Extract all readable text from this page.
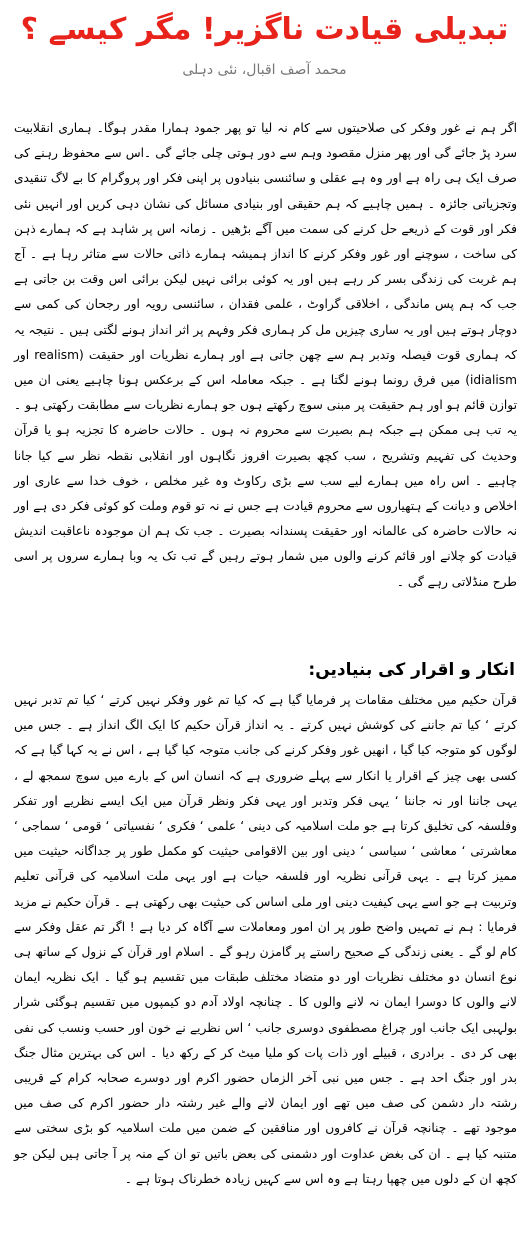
تبدیلی قیادت ناگزیر! مگر کیسے ؟
محمد آصف اقبال، نئی دہلی

اگر ہم نے غور وفکر کی صلاحیتوں سے کام نہ لیا تو پھر جمود ہمارا مقدر ہوگا۔ ہماری انقلابیت سرد پڑ جائے گی اور پھر منزل مقصود وہم سے دور ہوتی چلی جائے گی ۔اس سے محفوظ رہنے کی صرف ایک ہی راہ ہے اور وہ ہے عقلی و سائنسی بنیادوں پر اپنی فکر اور پروگرام کا بے لاگ تنقیدی وتجزیاتی جائزہ ۔ ہمیں چاہیے کہ ہم حقیقی اور بنیادی مسائل کی نشان دہی کریں اور انہیں نئی فکر اور قوت کے ذریعے حل کرنے کی سمت میں آگے بڑھیں ۔ زمانہ اس پر شاہد ہے کہ ہمارے ذہن کی ساخت ، سوچنے اور غور وفکر کرنے کا انداز ہمیشہ ہمارے ذاتی حالات سے متاثر رہا ہے ۔ آج ہم غربت کی زندگی بسر کر رہے ہیں اور یہ کوئی برائی نہیں لیکن برائی اس وقت بن جاتی ہے جب کہ ہم پس ماندگی ، اخلاقی گراوٹ ، علمی فقدان ، سائنسی رویہ اور رجحان کی کمی سے دوچار ہوتے ہیں اور یہ ساری چیزیں مل کر ہماری فکر وفہم پر اثر انداز ہونے لگتی ہیں ۔ نتیجہ یہ کہ ہماری قوت فیصلہ وتدبر ہم سے چھن جاتی ہے اور ہمارے نظریات اور حقیقت (realism اور idialism) میں فرق رونما ہونے لگتا ہے ۔ جبکہ معاملہ اس کے برعکس ہونا چاہیے یعنی ان میں توازن قائم ہو اور ہم حقیقت پر مبنی سوچ رکھتے ہوں جو ہمارے نظریات سے مطابقت رکھتی ہو ۔ یہ تب ہی ممکن ہے جبکہ ہم بصیرت سے محروم نہ ہوں ۔ حالات حاضرہ کا تجزیہ ہو یا قرآن وحدیث کی تفہیم وتشریح ، سب کچھ بصیرت افروز نگاہوں اور انقلابی نقطہ نظر سے کیا جانا چاہیے ۔ اس راہ میں ہمارے لیے سب سے بڑی رکاوٹ وہ غیر مخلص ، خوف خدا سے عاری اور اخلاص و دیانت کے ہتھیاروں سے محروم قیادت ہے جس نے نہ تو قوم وملت کو کوئی فکر دی ہے اور نہ حالات حاضرہ کی عالمانہ اور حقیقت پسندانہ بصیرت ۔ جب تک ہم ان موجودہ ناعاقبت اندیش قیادت کو چلانے اور قائم کرنے والوں میں شمار ہوتے رہیں گے تب تک یہ وبا ہمارے سروں پر اسی طرح منڈلاتی رہے گی ۔

انکار و اقرار کی بنیادیں:

قرآن حکیم میں مختلف مقامات پر فرمایا گیا ہے کہ کیا تم غور وفکر نہیں کرتے ‘ کیا تم تدبر نہیں کرتے ‘ کیا تم جاننے کی کوشش نہیں کرتے ۔ یہ انداز قرآن حکیم کا ایک الگ انداز ہے ۔ جس میں لوگوں کو متوجہ کیا گیا ، انھیں غور وفکر کرنے کی جانب متوجہ کیا گیا ہے ، اس نے یہ کہا گیا ہے کہ کسی بھی چیز کے اقرار یا انکار سے پہلے ضروری ہے کہ انسان اس کے بارے میں سوچ سمجھ لے ، یہی جاننا اور نہ جاننا ‘ یہی فکر وتدبر اور یہی فکر ونظر قرآن میں ایک ایسے نظریے اور تفکر وفلسفہ کی تخلیق کرتا ہے جو ملت اسلامیہ کی دینی ‘ علمی ‘ فکری ‘ نفسیاتی ‘ قومی ‘ سماجی ‘ معاشرتی ‘ معاشی ‘ سیاسی ‘ دینی اور بین الاقوامی حیثیت کو مکمل طور پر جداگانہ حیثیت میں ممیز کرتا ہے ۔ یہی قرآنی نظریہ اور فلسفہ حیات ہے اور یہی ملت اسلامیہ کی قرآنی تعلیم وتربیت ہے جو اسے یہی کیفیت دینی اور ملی اساس کی حیثیت بھی رکھتی ہے ۔ قرآن حکیم نے مزید فرمایا : ہم نے تمہیں واضح طور پر ان امور ومعاملات سے آگاہ کر دیا ہے ! اگر تم عقل وفکر سے کام لو گے ۔ یعنی زندگی کے صحیح راستے پر گامزن رہو گے ۔ اسلام اور قرآن کے نزول کے ساتھ ہی نوع انسان دو مختلف نظریات اور دو متضاد مختلف طبقات میں تقسیم ہو گیا ۔ ایک نظریہ ایمان لانے والوں کا دوسرا ایمان نہ لانے والوں کا ۔ چنانچہ اولاد آدم دو کیمپوں میں تقسیم ہوگئی شرار بولہبی ایک جانب اور چراغ مصطفوی دوسری جانب ‘ اس نظریے نے خون اور حسب ونسب کی نفی بھی کر دی ۔ برادری ، قبیلے اور ذات پات کو ملیا میٹ کر کے رکھ دیا ۔ اس کی بہترین مثال جنگ بدر اور جنگ احد ہے ۔ جس میں نبی آخر الزماں حضور اکرم اور دوسرے صحابہ کرام کے قریبی رشتہ دار دشمن کی صف میں تھے اور ایمان لانے والے غیر رشتہ دار حضور اکرم کی صف میں موجود تھے ۔ چنانچہ قرآن نے کافروں اور منافقین کے ضمن میں ملت اسلامیہ کو بڑی سختی سے متنبہ کیا ہے ۔ ان کی بغض عداوت اور دشمنی کی بعض باتیں تو ان کے منہ پر آ جاتی ہیں لیکن جو کچھ ان کے دلوں میں چھپا رہتا ہے وہ اس سے کہیں زیادہ خطرناک ہوتا ہے ۔
